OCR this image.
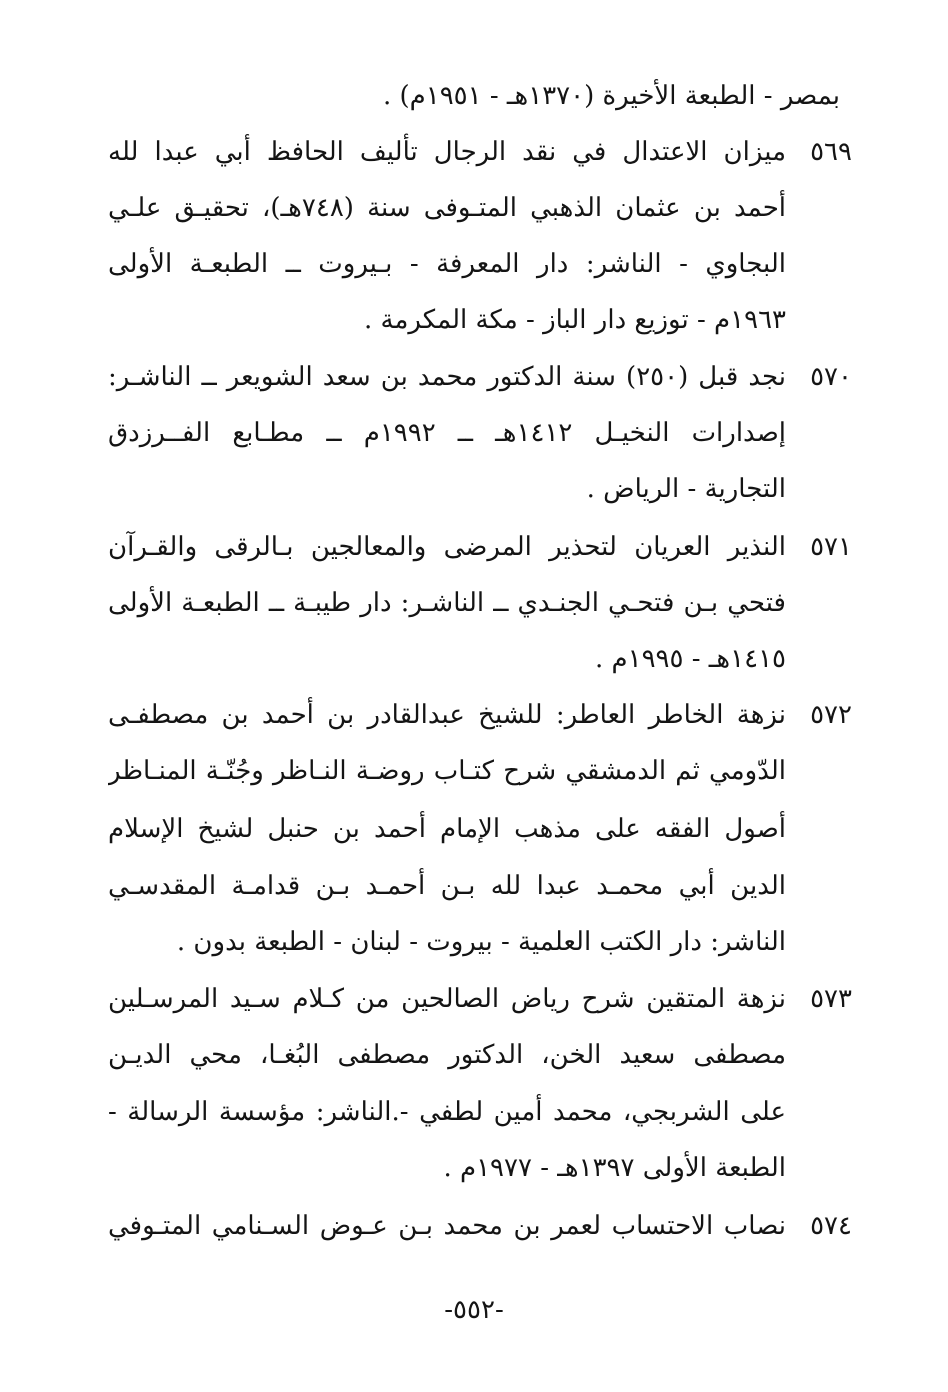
بمصر - الطبعة الأخيرة (١٣٧٠هـ - ١٩٥١م) .
٥٦٩
ميزان الاعتدال في نقد الرجال تأليف الحافظ أبي عبدا لله
أحمد بن عثمان الذهبي المتـوفى سنة (٧٤٨هـ)، تحقيـق علـي
البجاوي - الناشر: دار المعرفة - بـيروت ــ الطبعـة الأولى
١٩٦٣م - توزيع دار الباز - مكة المكرمة .
٥٧٠
نجد قبل (٢٥٠) سنة الدكتور محمد بن سعد الشويعر ــ الناشـر:
إصدارات النخيـل ١٤١٢هـ ــ ١٩٩٢م ــ مطـابع الفــرزدق
التجارية - الرياض .
٥٧١
النذير العريان لتحذير المرضى والمعالجين بـالرقى والقـرآن
فتحي بـن فتحـي الجنـدي ــ الناشـر: دار طيبـة ــ الطبعـة الأولى
١٤١٥هـ - ١٩٩٥م .
٥٧٢
نزهة الخاطر العاطر: للشيخ عبدالقادر بن أحمد بن مصطفـى
الدّومي ثم الدمشقي شرح كتـاب روضـة النـاظر وجُنّـة المنـاظر
أصول الفقه على مذهب الإمام أحمد بن حنبل لشيخ الإسلام
الدين أبي محمـد عبدا لله بـن أحمـد بـن قدامـة المقدسـي
الناشر: دار الكتب العلمية - بيروت - لبنان - الطبعة بدون .
٥٧٣
نزهة المتقين شرح رياض الصالحين من كـلام سـيد المرسـلين
مصطفى سعيد الخن، الدكتور مصطفى البُغـا، محي الديـن
على الشربجي، محمد أمين لطفي -.الناشر: مؤسسة الرسالة -
الطبعة الأولى ١٣٩٧هـ - ١٩٧٧م .
٥٧٤
نصاب الاحتساب لعمر بن محمد بـن عـوض السـنامي المتـوفي
-٥٥٢-
